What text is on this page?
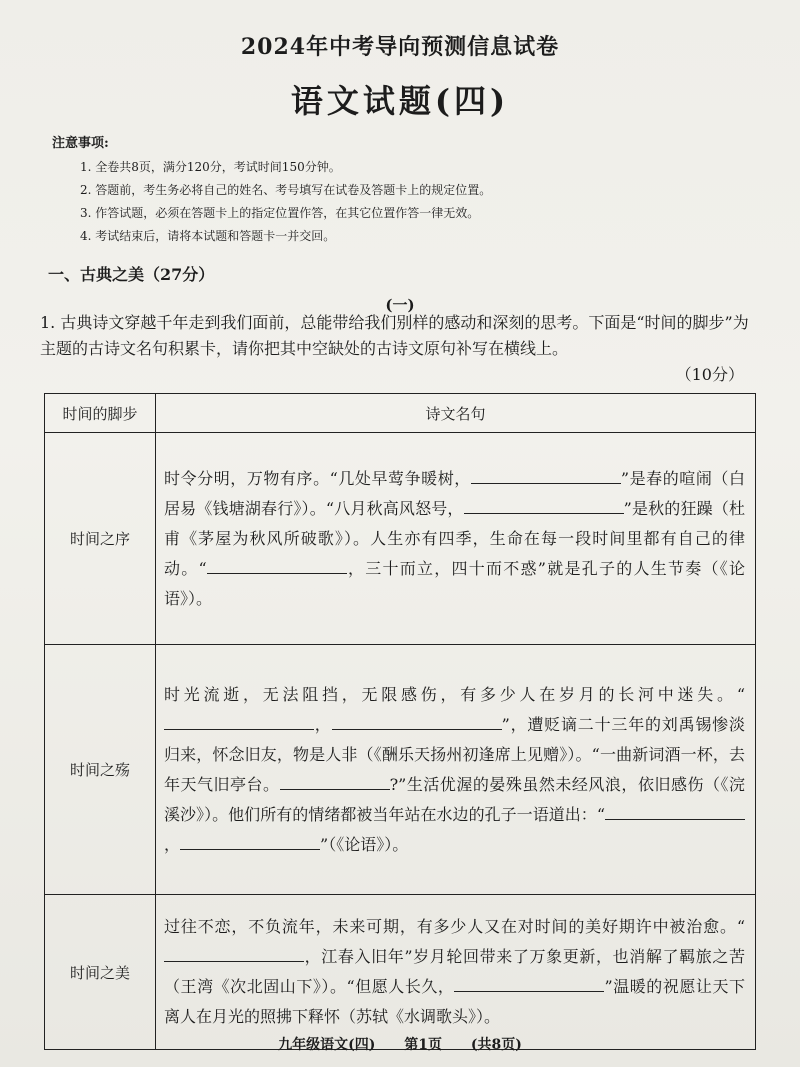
2024年中考导向预测信息试卷
语文试题(四)
注意事项:
1. 全卷共8页，满分120分，考试时间150分钟。
2. 答题前，考生务必将自己的姓名、考号填写在试卷及答题卡上的规定位置。
3. 作答试题，必须在答题卡上的指定位置作答，在其它位置作答一律无效。
4. 考试结束后，请将本试题和答题卡一并交回。
一、古典之美（27分）
(一)
1. 古典诗文穿越千年走到我们面前，总能带给我们别样的感动和深刻的思考。下面是“时间的脚步”为主题的古诗文名句积累卡，请你把其中空缺处的古诗文原句补写在横线上。
（10分）
时间的脚步	诗文名句
时间之序	时令分明，万物有序。“几处早莺争暖树， ”是春的喧闹（白居易《钱塘湖春行》）。“八月秋高风怒号， ”是秋的狂躁（杜甫《茅屋为秋风所破歌》）。人生亦有四季，生命在每一段时间里都有自己的律动。“ ，三十而立，四十而不惑”就是孔子的人生节奏（《论语》）。
时间之殇	时光流逝，无法阻挡，无限感伤，有多少人在岁月的长河中迷失。“， ”，遭贬谪二十三年的刘禹锡惨淡归来，怀念旧友，物是人非（《酬乐天扬州初逢席上见赠》）。“一曲新词酒一杯，去年天气旧亭台。 ?”生活优渥的晏殊虽然未经风浪，依旧感伤（《浣溪沙》）。他们所有的情绪都被当年站在水边的孔子一语道出：“， ”（《论语》）。
时间之美	过往不恋，不负流年，未来可期，有多少人又在对时间的美好期许中被治愈。“，江春入旧年”岁月轮回带来了万象更新，也消解了羁旅之苦（王湾《次北固山下》）。“但愿人长久， ”温暖的祝愿让天下离人在月光的照拂下释怀（苏轼《水调歌头》）。
九年级语文(四) 第1页 (共8页)
